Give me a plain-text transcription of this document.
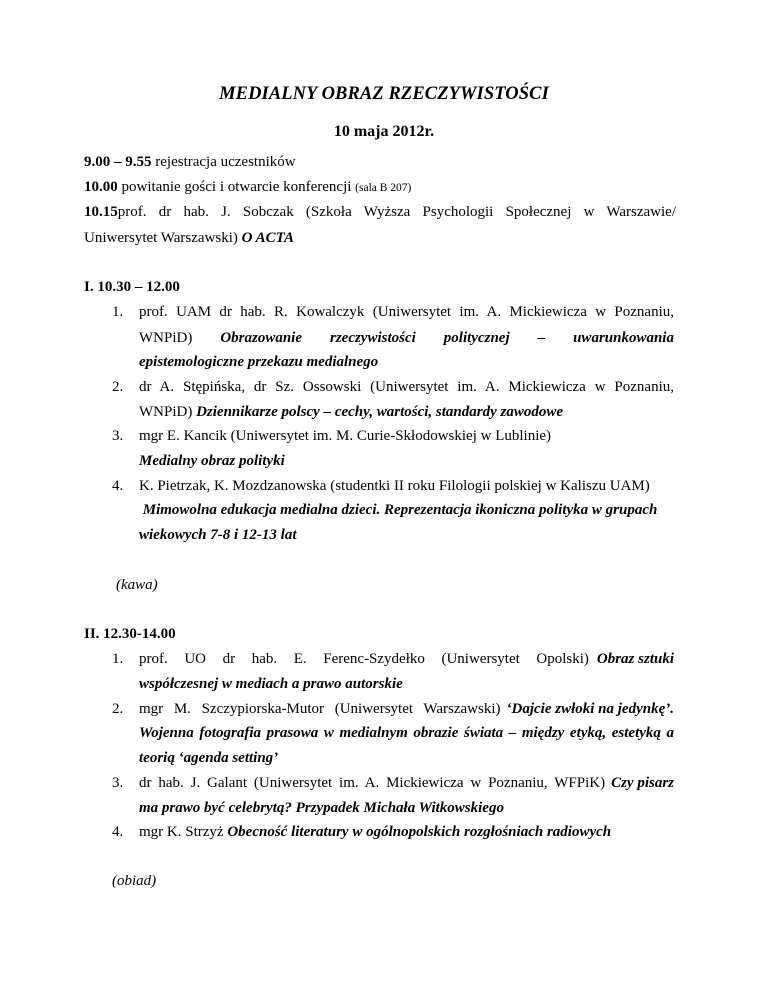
MEDIALNY OBRAZ RZECZYWISTOŚCI
10 maja 2012r.
9.00 – 9.55 rejestracja uczestników
10.00 powitanie gości i otwarcie konferencji (sala B 207)
10.15 prof. dr hab. J. Sobczak (Szkoła Wyższa Psychologii Społecznej w Warszawie/
Uniwersytet Warszawski) O ACTA
I. 10.30 – 12.00
1. prof. UAM dr hab. R. Kowalczyk (Uniwersytet im. A. Mickiewicza w Poznaniu,
WNPiD) Obrazowanie rzeczywistości politycznej – uwarunkowania
epistemologiczne przekazu medialnego
2. dr A. Stępińska, dr Sz. Ossowski (Uniwersytet im. A. Mickiewicza w Poznaniu,
WNPiD) Dziennikarze polscy – cechy, wartości, standardy zawodowe
3. mgr E. Kancik (Uniwersytet im. M. Curie-Skłodowskiej w Lublinie)
Medialny obraz polityki
4. K. Pietrzak, K. Mozdzanowska (studentki II roku Filologii polskiej w Kaliszu UAM)
Mimowolna edukacja medialna dzieci. Reprezentacja ikoniczna polityka w grupach
wiekowych 7-8 i 12-13 lat
(kawa)
II. 12.30-14.00
1. prof. UO dr hab. E. Ferenc-Szydełko (Uniwersytet Opolski) Obraz sztuki
współczesnej w mediach a prawo autorskie
2. mgr M. Szczypiorska-Mutor (Uniwersytet Warszawski) ‘Dajcie zwłoki na jedynkę’.
Wojenna fotografia prasowa w medialnym obrazie świata – między etyką, estetyką a
teorią ‘agenda setting’
3. dr hab. J. Galant (Uniwersytet im. A. Mickiewicza w Poznaniu, WFPiK) Czy pisarz
ma prawo być celebrytą? Przypadek Michała Witkowskiego
4. mgr K. Strzyż Obecność literatury w ogólnopolskich rozgłośniach radiowych
(obiad)
